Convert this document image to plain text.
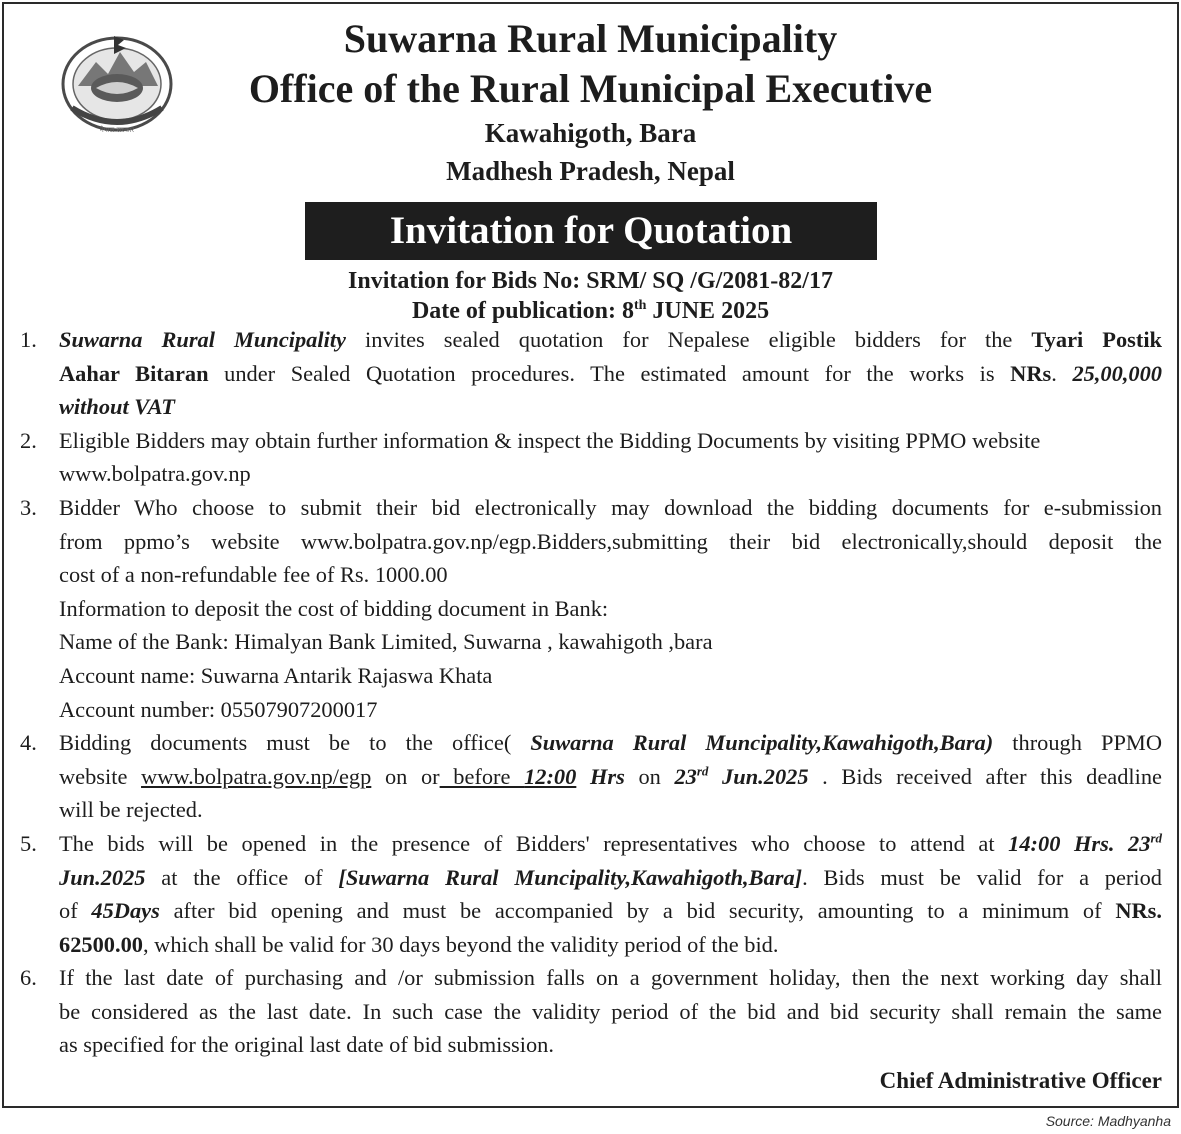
नेपाल सरकार
Suwarna Rural Municipality
Office of the Rural Municipal Executive
Kawahigoth, Bara
Madhesh Pradesh, Nepal
Invitation for Quotation
Invitation for Bids No: SRM/ SQ /G/2081-82/17
Date of publication: 8th JUNE 2025
1. Suwarna Rural Muncipality invites sealed quotation for Nepalese eligible bidders for the Tyari Postik
Aahar Bitaran under Sealed Quotation procedures. The estimated amount for the works is NRs. 25,00,000
without VAT
2. Eligible Bidders may obtain further information & inspect the Bidding Documents by visiting PPMO website
www.bolpatra.gov.np
3. Bidder Who choose to submit their bid electronically may download the bidding documents for e-submission
from ppmo’s website www.bolpatra.gov.np/egp.Bidders,submitting their bid electronically,should deposit the
cost of a non-refundable fee of Rs. 1000.00
Information to deposit the cost of bidding document in Bank:
Name of the Bank: Himalyan Bank Limited, Suwarna , kawahigoth ,bara
Account name: Suwarna Antarik Rajaswa Khata
Account number: 05507907200017
4. Bidding documents must be to the office( Suwarna Rural Muncipality,Kawahigoth,Bara) through PPMO
website www.bolpatra.gov.np/egp on or before 12:00 Hrs on 23rd Jun.2025 . Bids received after this deadline
will be rejected.
5. The bids will be opened in the presence of Bidders' representatives who choose to attend at 14:00 Hrs. 23rd
Jun.2025 at the office of [Suwarna Rural Muncipality,Kawahigoth,Bara]. Bids must be valid for a period
of 45Days after bid opening and must be accompanied by a bid security, amounting to a minimum of NRs.
62500.00, which shall be valid for 30 days beyond the validity period of the bid.
6. If the last date of purchasing and /or submission falls on a government holiday, then the next working day shall
be considered as the last date. In such case the validity period of the bid and bid security shall remain the same
as specified for the original last date of bid submission.
Chief Administrative Officer
Source: Madhyanha
